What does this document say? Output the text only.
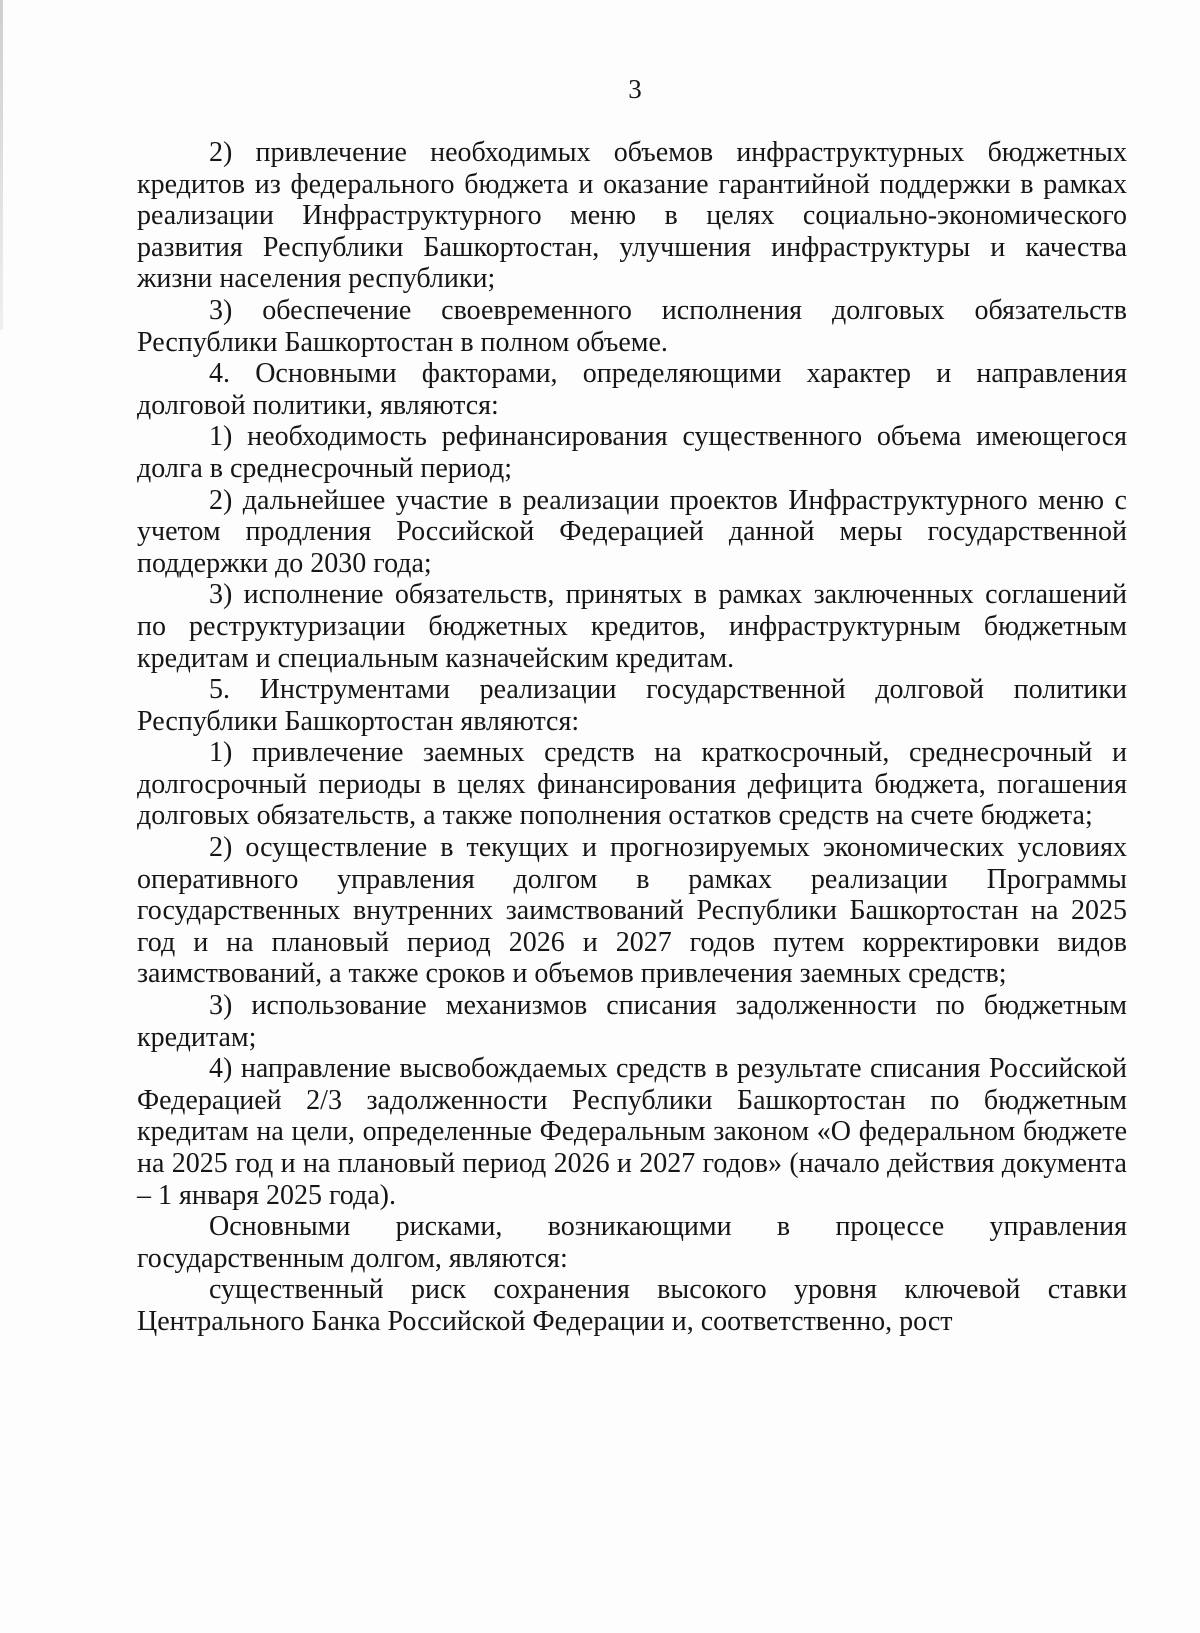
3

2) привлечение необходимых объемов инфраструктурных бюджетных кредитов из федерального бюджета и оказание гарантийной поддержки в рамках реализации Инфраструктурного меню в целях социально-экономического развития Республики Башкортостан, улучшения инфраструктуры и качества жизни населения республики;

3) обеспечение своевременного исполнения долговых обязательств Республики Башкортостан в полном объеме.

4. Основными факторами, определяющими характер и направления долговой политики, являются:

1) необходимость рефинансирования существенного объема имеющегося долга в среднесрочный период;

2) дальнейшее участие в реализации проектов Инфраструктурного меню с учетом продления Российской Федерацией данной меры государственной поддержки до 2030 года;

3) исполнение обязательств, принятых в рамках заключенных соглашений по реструктуризации бюджетных кредитов, инфраструктурным бюджетным кредитам и специальным казначейским кредитам.

5. Инструментами реализации государственной долговой политики Республики Башкортостан являются:

1) привлечение заемных средств на краткосрочный, среднесрочный и долгосрочный периоды в целях финансирования дефицита бюджета, погашения долговых обязательств, а также пополнения остатков средств на счете бюджета;

2) осуществление в текущих и прогнозируемых экономических условиях оперативного управления долгом в рамках реализации Программы государственных внутренних заимствований Республики Башкортостан на 2025 год и на плановый период 2026 и 2027 годов путем корректировки видов заимствований, а также сроков и объемов привлечения заемных средств;

3) использование механизмов списания задолженности по бюджетным кредитам;

4) направление высвобождаемых средств в результате списания Российской Федерацией 2/3 задолженности Республики Башкортостан по бюджетным кредитам на цели, определенные Федеральным законом «О федеральном бюджете на 2025 год и на плановый период 2026 и 2027 годов» (начало действия документа – 1 января 2025 года).

Основными рисками, возникающими в процессе управления государственным долгом, являются:

существенный риск сохранения высокого уровня ключевой ставки Центрального Банка Российской Федерации и, соответственно, рост
